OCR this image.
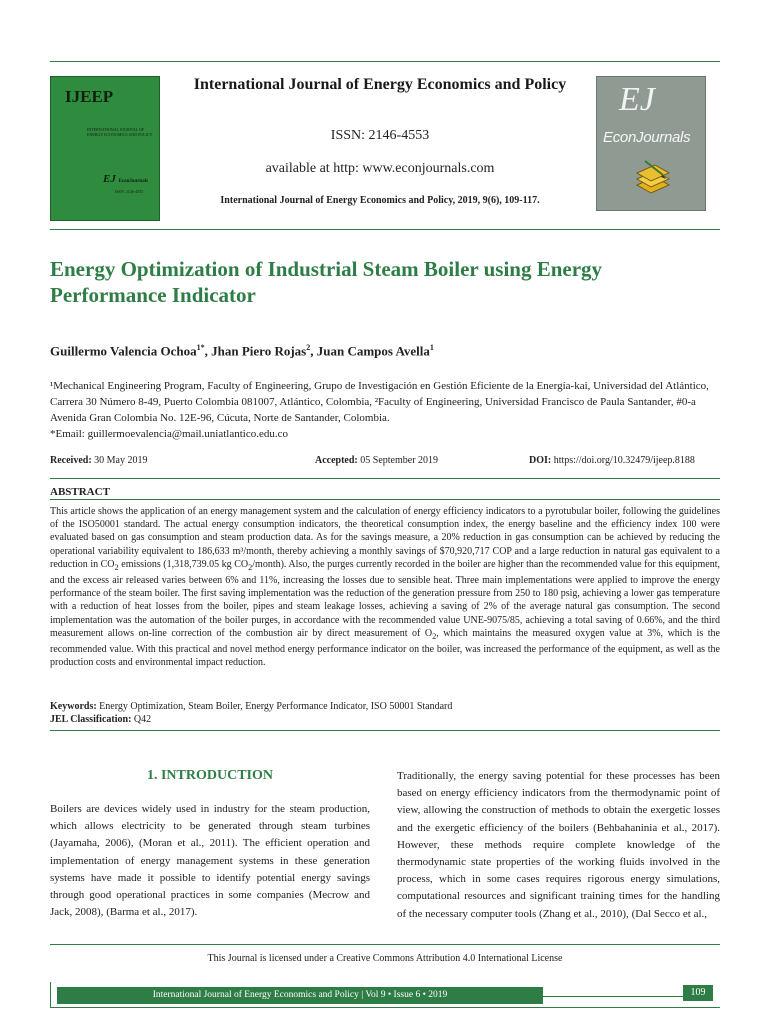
IJEEP
INTERNATIONAL JOURNAL OF
ENERGY ECONOMICS AND POLICY
EJ EconJournals
ISSN: 2146-4553
International Journal of Energy Economics and Policy
ISSN: 2146-4553
available at http: www.econjournals.com
International Journal of Energy Economics and Policy, 2019, 9(6), 109-117.
EJ
EconJournals
Energy Optimization of Industrial Steam Boiler using Energy Performance Indicator
Guillermo Valencia Ochoa$^{1*}$, Jhan Piero Rojas$^2$, Juan Campos Avella$^1$

¹Mechanical Engineering Program, Faculty of Engineering, Grupo de Investigación en Gestión Eficiente de la Energía-kai, Universidad del Atlántico, Carrera 30 Número 8-49, Puerto Colombia 081007, Atlántico, Colombia, ²Faculty of Engineering, Universidad Francisco de Paula Santander, #0-a Avenida Gran Colombia No. 12E-96, Cúcuta, Norte de Santander, Colombia.

*Email: guillermoevalencia@mail.uniatlantico.edu.co

Received: 30 May 2019	Accepted: 05 September 2019	DOI: https://doi.org/10.32479/ijeep.8188
ABSTRACT
This article shows the application of an energy management system and the calculation of energy efficiency indicators to a pyrotubular boiler, following the guidelines of the ISO50001 standard. The actual energy consumption indicators, the theoretical consumption index, the energy baseline and the efficiency index 100 were evaluated based on gas consumption and steam production data. As for the savings measure, a 20% reduction in gas consumption can be achieved by reducing the operational variability equivalent to 186,633 m³/month, thereby achieving a monthly savings of $70,920,717 COP and a large reduction in natural gas equivalent to a reduction in $CO_2$ emissions (1,318,739.05 kg $CO_2/month$). Also, the purges currently recorded in the boiler are higher than the recommended value for this equipment, and the excess air released varies between 6% and 11%, increasing the losses due to sensible heat. Three main implementations were applied to improve the energy performance of the steam boiler. The first saving implementation was the reduction of the generation pressure from 250 to 180 psig, achieving a lower gas temperature with a reduction of heat losses from the boiler, pipes and steam leakage losses, achieving a saving of 2% of the average natural gas consumption. The second implementation was the automation of the boiler purges, in accordance with the recommended value UNE-9075/85, achieving a total saving of 0.66%, and the third measurement allows on-line correction of the combustion air by direct measurement of $O_2$, which maintains the measured oxygen value at 3%, which is the recommended value. With this practical and novel method energy performance indicator on the boiler, was increased the performance of the equipment, as well as the production costs and environmental impact reduction.
Keywords: Energy Optimization, Steam Boiler, Energy Performance Indicator, ISO 50001 Standard
JEL Classification: Q42
1. INTRODUCTION
Boilers are devices widely used in industry for the steam production, which allows electricity to be generated through steam turbines (Jayamaha, 2006), (Moran et al., 2011). The efficient operation and implementation of energy management systems in these generation systems have made it possible to identify potential energy savings through good operational practices in some companies (Mecrow and Jack, 2008), (Barma et al., 2017).
Traditionally, the energy saving potential for these processes has been based on energy efficiency indicators from the thermodynamic point of view, allowing the construction of methods to obtain the exergetic losses and the exergetic efficiency of the boilers (Behbahaninia et al., 2017). However, these methods require complete knowledge of the thermodynamic state properties of the working fluids involved in the process, which in some cases requires rigorous energy simulations, computational resources and significant training times for the handling of the necessary computer tools (Zhang et al., 2010), (Dal Secco et al.,
This Journal is licensed under a Creative Commons Attribution 4.0 International License
International Journal of Energy Economics and Policy | Vol 9 • Issue 6 • 2019	109
